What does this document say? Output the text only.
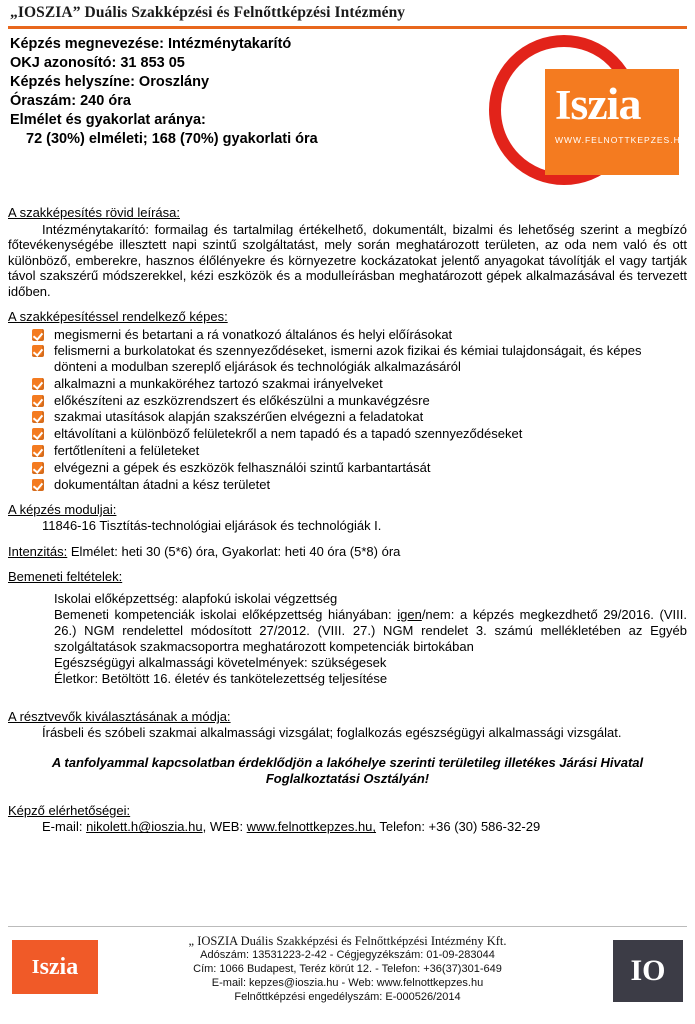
„IOSZIA” Duális Szakképzési és Felnőttképzési Intézmény
Képzés megnevezése: Intézménytakarító
OKJ azonosító: 31 853 05
Képzés helyszíne: Oroszlány
Óraszám: 240 óra
Elmélet és gyakorlat aránya:
72 (30%) elméleti; 168 (70%) gyakorlati óra
I szia
WWW.FELNOTTKEPZES.HU
A szakképesítés rövid leírása:
Intézménytakarító: formailag és tartalmilag értékelhető, dokumentált, bizalmi és lehetőség szerint a megbízó főtevékenységébe illesztett napi szintű szolgáltatást, mely során meghatározott területen, az oda nem való és ott különböző, emberekre, hasznos élőlényekre és környezetre kockázatokat jelentő anyagokat távolítják el vagy tartják távol szakszérű módszerekkel, kézi eszközök és a modulleírásban meghatározott gépek alkalmazásával és tervezett időben.
A szakképesítéssel rendelkező képes:
megismerni és betartani a rá vonatkozó általános és helyi előírásokat
felismerni a burkolatokat és szennyeződéseket, ismerni azok fizikai és kémiai tulajdonságait, és képes dönteni a modulban szereplő eljárások és technológiák alkalmazásáról
alkalmazni a munkaköréhez tartozó szakmai irányelveket
előkészíteni az eszközrendszert és előkészülni a munkavégzésre
szakmai utasítások alapján szakszérűen elvégezni a feladatokat
eltávolítani a különböző felületekről a nem tapadó és a tapadó szennyeződéseket
fertőtleníteni a felületeket
elvégezni a gépek és eszközök felhasználói szintű karbantartását
dokumentáltan átadni a kész területet
A képzés moduljai:
11846-16 Tisztítás-technológiai eljárások és technológiák I.
Intenzitás: Elmélet: heti 30 (5*6) óra, Gyakorlat: heti 40 óra (5*8) óra
Bemeneti feltételek:
Iskolai előképzettség: alapfokú iskolai végzettség
Bemeneti kompetenciák iskolai előképzettség hiányában: igen/nem: a képzés megkezdhető 29/2016. (VIII. 26.) NGM rendelettel módosított 27/2012. (VIII. 27.) NGM rendelet 3. számú mellékletében az Egyéb szolgáltatások szakmacsoportra meghatározott kompetenciák birtokában
Egészségügyi alkalmassági követelmények: szükségesek
Életkor: Betöltött 16. életév és tankötelezettség teljesítése
A résztvevők kiválasztásának a módja:
Írásbeli és szóbeli szakmai alkalmassági vizsgálat; foglalkozás egészségügyi alkalmassági vizsgálat.
A tanfolyammal kapcsolatban érdeklődjön a lakóhelye szerinti területileg illetékes Járási Hivatal Foglalkoztatási Osztályán!
Képző elérhetőségei:
E-mail: nikolett.h@ioszia.hu, WEB: www.felnottkepzes.hu, Telefon: +36 (30) 586-32-29
I szia
„ IOSZIA Duális Szakképzési és Felnőttképzési Intézmény Kft.
Adószám: 13531223-2-42 - Cégjegyzékszám: 01-09-283044
Cím: 1066 Budapest, Teréz körút 12. - Telefon: +36(37)301-649
E-mail: kepzes@ioszia.hu - Web: www.felnottkepzes.hu
Felnőttképzési engedélyszám: E-000526/2014
IO
